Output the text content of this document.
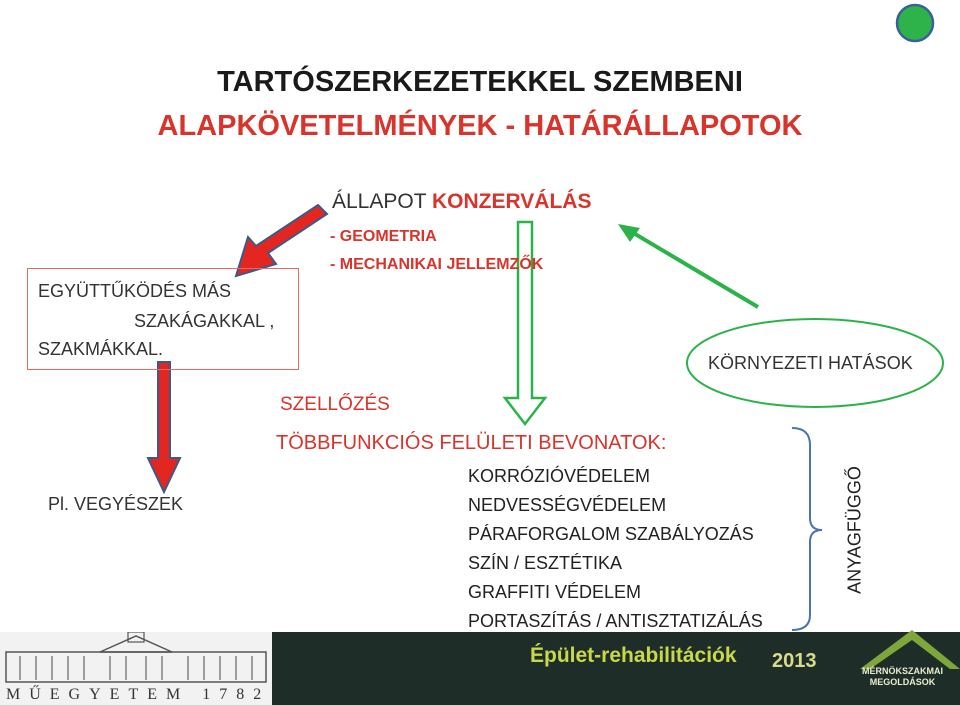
TARTÓSZERKEZETEKKEL SZEMBENI
ALAPKÖVETELMÉNYEK - HATÁRÁLLAPOTOK
ÁLLAPOT KONZERVÁLÁS
- GEOMETRIA
- MECHANIKAI JELLEMZŐK
EGYÜTTŰKÖDÉS MÁS
SZAKÁGAKKAL ,
SZAKMÁKKAL.
Pl. VEGYÉSZEK
SZELLŐZÉS
KÖRNYEZETI HATÁSOK
TÖBBFUNKCIÓS FELÜLETI BEVONATOK:
KORRÓZIÓVÉDELEM
NEDVESSÉGVÉDELEM
PÁRAFORGALOM SZABÁLYOZÁS
SZÍN / ESZTÉTIKA
GRAFFITI VÉDELEM
PORTASZÍTÁS / ANTISZTATIZÁLÁS
ANYAGFÜGGŐ
MŰEGYETEM 1782
Épület-rehabilitációk 2013	MÉRNÖKSZAKMAI
MEGOLDÁSOK
